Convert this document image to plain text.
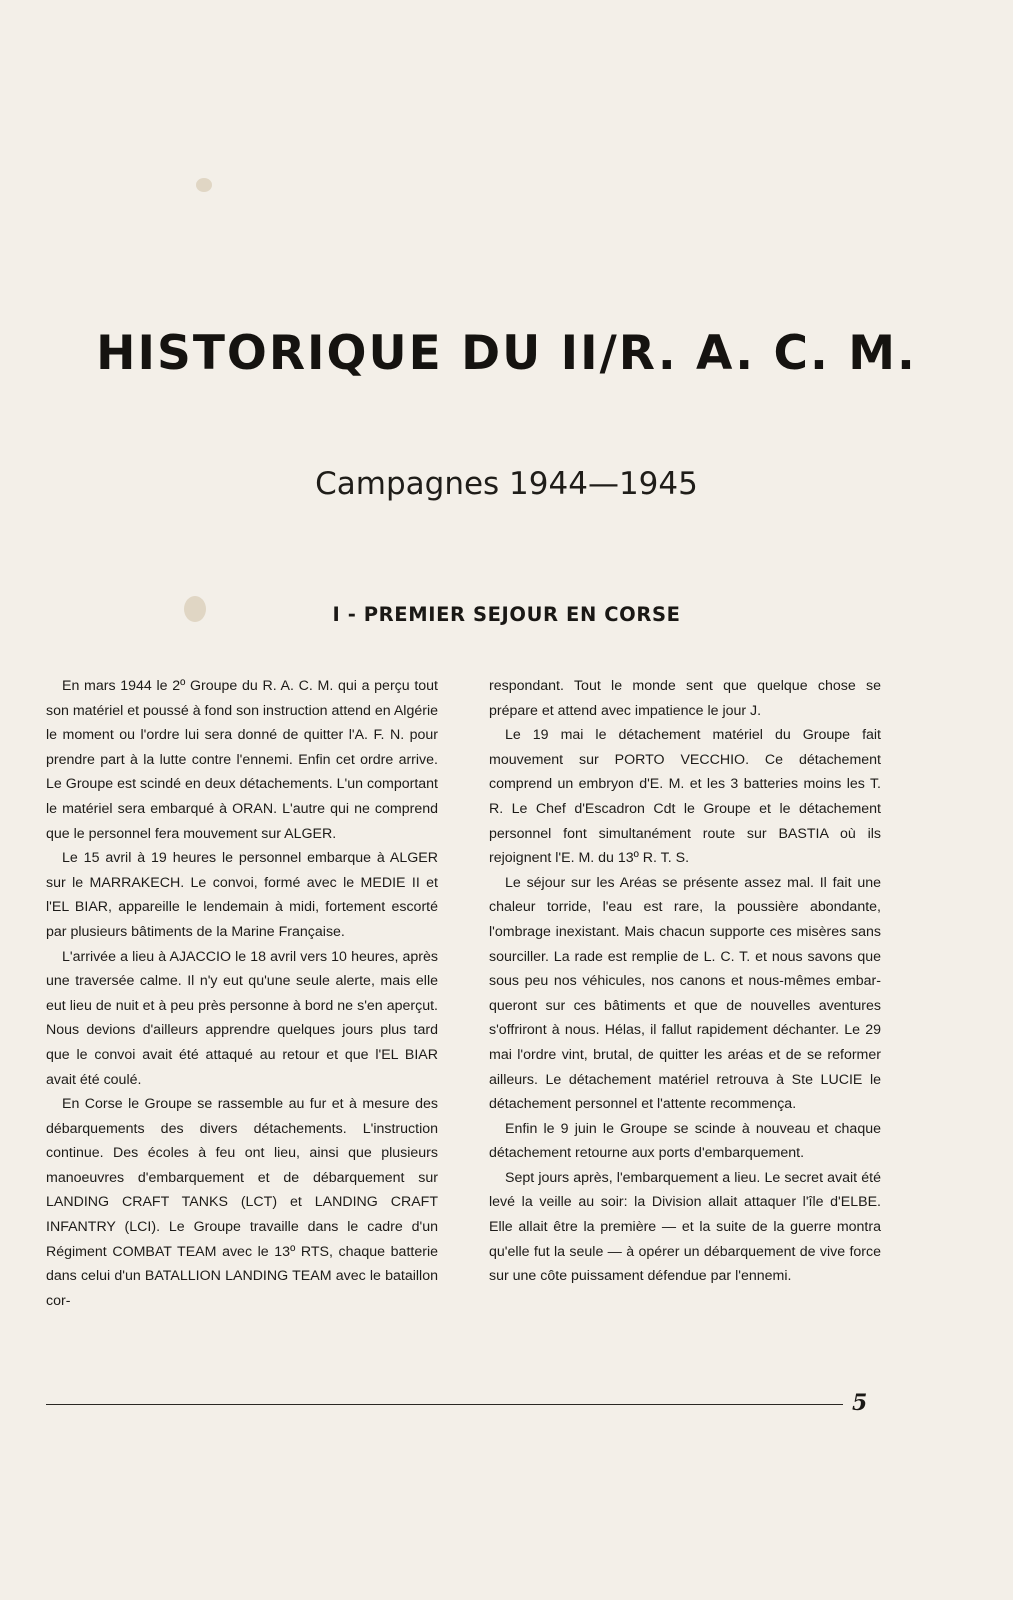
HISTORIQUE DU II/R. A. C. M.
Campagnes 1944—1945
I - PREMIER SEJOUR EN CORSE

En mars 1944 le 2º Groupe du R. A. C. M. qui a perçu tout son matériel et poussé à fond son instruction attend en Algérie le moment ou l'ordre lui sera donné de quitter l'A. F. N. pour prendre part à la lutte contre l'ennemi. Enfin cet ordre arrive. Le Groupe est scindé en deux détachements. L'un comportant le matériel sera embarqué à ORAN. L'autre qui ne comprend que le personnel fera mouvement sur ALGER.

Le 15 avril à 19 heures le personnel embarque à ALGER sur le MARRAKECH. Le convoi, formé avec le MEDIE II et l'EL BIAR, appareille le lendemain à midi, fortement escorté par plusieurs bâtiments de la Marine Française.

L'arrivée a lieu à AJACCIO le 18 avril vers 10 heures, après une traversée calme. Il n'y eut qu'une seule alerte, mais elle eut lieu de nuit et à peu près personne à bord ne s'en aperçut. Nous devions d'ailleurs apprendre quelques jours plus tard que le convoi avait été attaqué au retour et que l'EL BIAR avait été coulé.

En Corse le Groupe se rassemble au fur et à mesure des débarquements des divers détachements. L'instruction continue. Des écoles à feu ont lieu, ainsi que plusieurs manoeuvres d'embarquement et de débarquement sur LANDING CRAFT TANKS (LCT) et LANDING CRAFT INFANTRY (LCI). Le Groupe travaille dans le cadre d'un Régiment COMBAT TEAM avec le 13º RTS, chaque batterie dans celui d'un BATALLION LANDING TEAM avec le bataillon cor-

respondant. Tout le monde sent que quelque chose se prépare et attend avec impatience le jour J.

Le 19 mai le détachement matériel du Groupe fait mouvement sur PORTO VECCHIO. Ce détachement comprend un embryon d'E. M. et les 3 batteries moins les T. R. Le Chef d'Escadron Cdt le Groupe et le détachement personnel font simultanément route sur BASTIA où ils rejoignent l'E. M. du 13º R. T. S.

Le séjour sur les Aréas se présente assez mal. Il fait une chaleur torride, l'eau est rare, la poussière abondante, l'ombrage inexistant. Mais chacun supporte ces misères sans sourciller. La rade est remplie de L. C. T. et nous savons que sous peu nos véhicules, nos canons et nous-mêmes embarqueront sur ces bâtiments et que de nouvelles aventures s'offriront à nous. Hélas, il fallut rapidement déchanter. Le 29 mai l'ordre vint, brutal, de quitter les aréas et de se reformer ailleurs. Le détachement matériel retrouva à Ste LUCIE le détachement personnel et l'attente recommença.

Enfin le 9 juin le Groupe se scinde à nouveau et chaque détachement retourne aux ports d'embarquement.

Sept jours après, l'embarquement a lieu. Le secret avait été levé la veille au soir: la Division allait attaquer l'île d'ELBE. Elle allait être la première — et la suite de la guerre montra qu'elle fut la seule — à opérer un débarquement de vive force sur une côte puissament défendue par l'ennemi.

5
